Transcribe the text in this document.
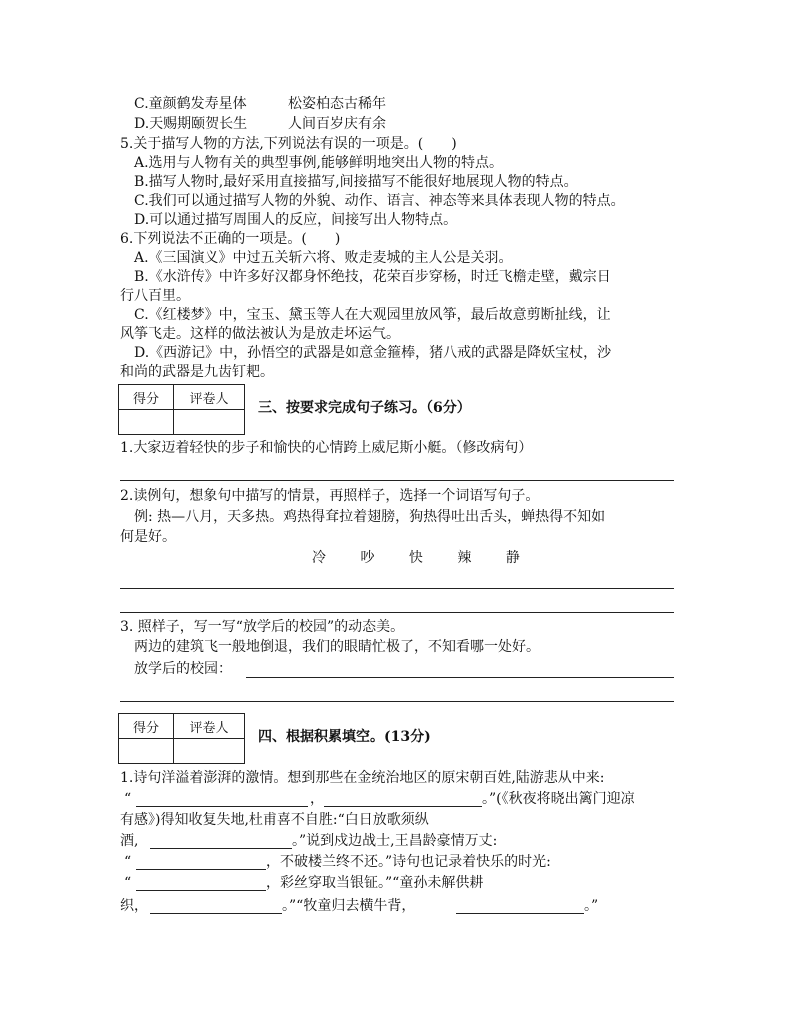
C.童颜鹤发寿星体	松姿柏态古稀年
D.天赐期颐贺长生	人间百岁庆有余
5.关于描写人物的方法,下列说法有误的一项是。(　　)
A.选用与人物有关的典型事例,能够鲜明地突出人物的特点。
B.描写人物时,最好采用直接描写,间接描写不能很好地展现人物的特点。
C.我们可以通过描写人物的外貌、动作、语言、神态等来具体表现人物的特点。
D.可以通过描写周围人的反应，间接写出人物特点。
6.下列说法不正确的一项是。(　　)
A.《三国演义》中过五关斩六将、败走麦城的主人公是关羽。
B.《水浒传》中许多好汉都身怀绝技，花荣百步穿杨，时迁飞檐走壁，戴宗日
行八百里。
C.《红楼梦》中，宝玉、黛玉等人在大观园里放风筝，最后故意剪断扯线，让
风筝飞走。这样的做法被认为是放走坏运气。
D.《西游记》中，孙悟空的武器是如意金箍棒，猪八戒的武器是降妖宝杖，沙
和尚的武器是九齿钉耙。
得分	评卷人

三、按要求完成句子练习。（6分）
1.大家迈着轻快的步子和愉快的心情跨上威尼斯小艇。（修改病句）
2.读例句，想象句中描写的情景，再照样子，选择一个词语写句子。
例: 热—八月，天多热。鸡热得耷拉着翅膀，狗热得吐出舌头，蝉热得不知如
何是好。
冷 吵 快 辣 静
3. 照样子，写一写“放学后的校园”的动态美。
两边的建筑飞一般地倒退，我们的眼睛忙极了，不知看哪一处好。
放学后的校园：
得分	评卷人

四、根据积累填空。(13分)
1.诗句洋溢着澎湃的激情。想到那些在金统治地区的原宋朝百姓,陆游悲从中来:
“	，	。”(《秋夜将晓出篱门迎凉
有感》)得知收复失地,杜甫喜不自胜:“白日放歌须纵
酒,	。”说到戍边战士,王昌龄豪情万丈:
“	，不破楼兰终不还。”诗句也记录着快乐的时光:
“	，彩丝穿取当银钲。”“童孙未解供耕
织，	。”“牧童归去横牛背，	。”
